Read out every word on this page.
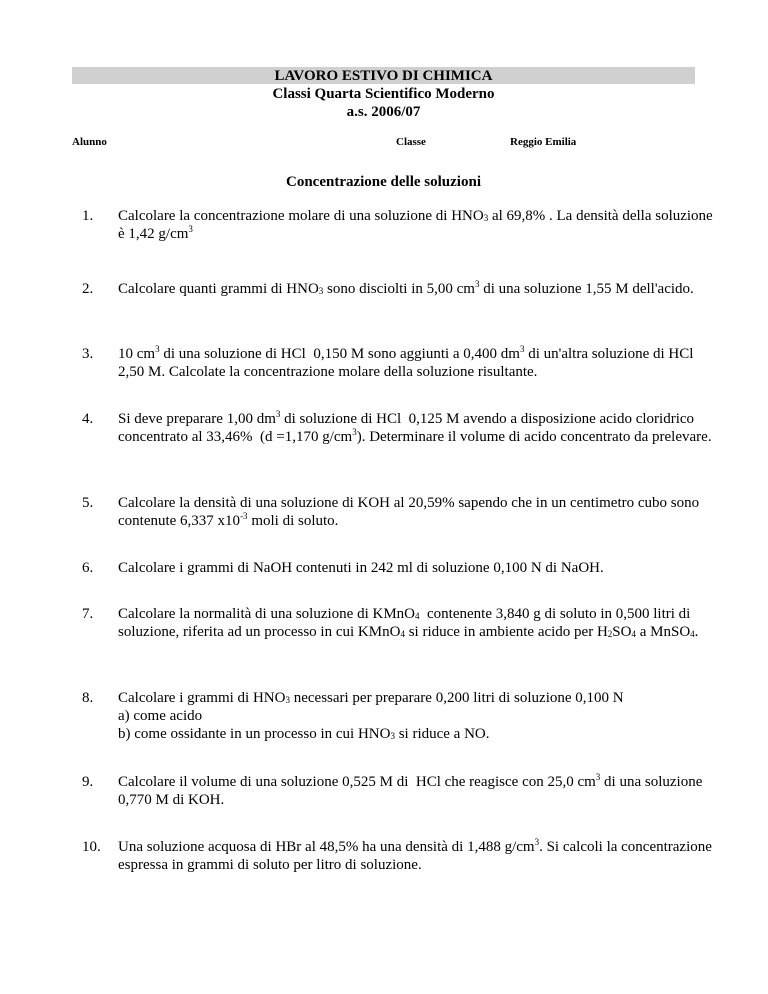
LAVORO ESTIVO DI CHIMICA
Classi Quarta Scientifico Moderno
a.s. 2006/07
Alunno	Classe	Reggio Emilia
Concentrazione delle soluzioni
1. Calcolare la concentrazione molare di una soluzione di $HNO_3$ al 69,8% . La densità della soluzione è 1,42 $g/cm^3$
2. Calcolare quanti grammi di $HNO_3$ sono disciolti in 5,00 $cm^3$ di una soluzione 1,55 M dell'acido.
3. 10 $cm^3$ di una soluzione di HCl  0,150 M sono aggiunti a 0,400 $dm^3$ di un'altra soluzione di HCl  2,50 M. Calcolate la concentrazione molare della soluzione risultante.
4. Si deve preparare 1,00 $dm^3$ di soluzione di HCl  0,125 M avendo a disposizione acido cloridrico concentrato al 33,46%  (d =1,170 $g/cm^3$). Determinare il volume di acido concentrato da prelevare.
5. Calcolare la densità di una soluzione di KOH al 20,59% sapendo che in un centimetro cubo sono contenute 6,337 $x10^{-3}$ moli di soluto.
6. Calcolare i grammi di NaOH contenuti in 242 ml di soluzione 0,100 N di NaOH.
7. Calcolare la normalità di una soluzione di KMnO$_4$  contenente 3,840 g di soluto in 0,500 litri di soluzione, riferita ad un processo in cui KMnO$_4$ si riduce in ambiente acido per $H_2SO_4$ a MnSO$_4$.
8. Calcolare i grammi di $HNO_3$ necessari per preparare 0,200 litri di soluzione 0,100 N
a) come acido
b) come ossidante in un processo in cui $HNO_3$ si riduce a NO.
9. Calcolare il volume di una soluzione 0,525 M di  HCl che reagisce con 25,0 $cm^3$ di una soluzione 0,770 M di KOH.
10. Una soluzione acquosa di HBr al 48,5% ha una densità di 1,488 $g/cm^3$. Si calcoli la concentrazione espressa in grammi di soluto per litro di soluzione.
